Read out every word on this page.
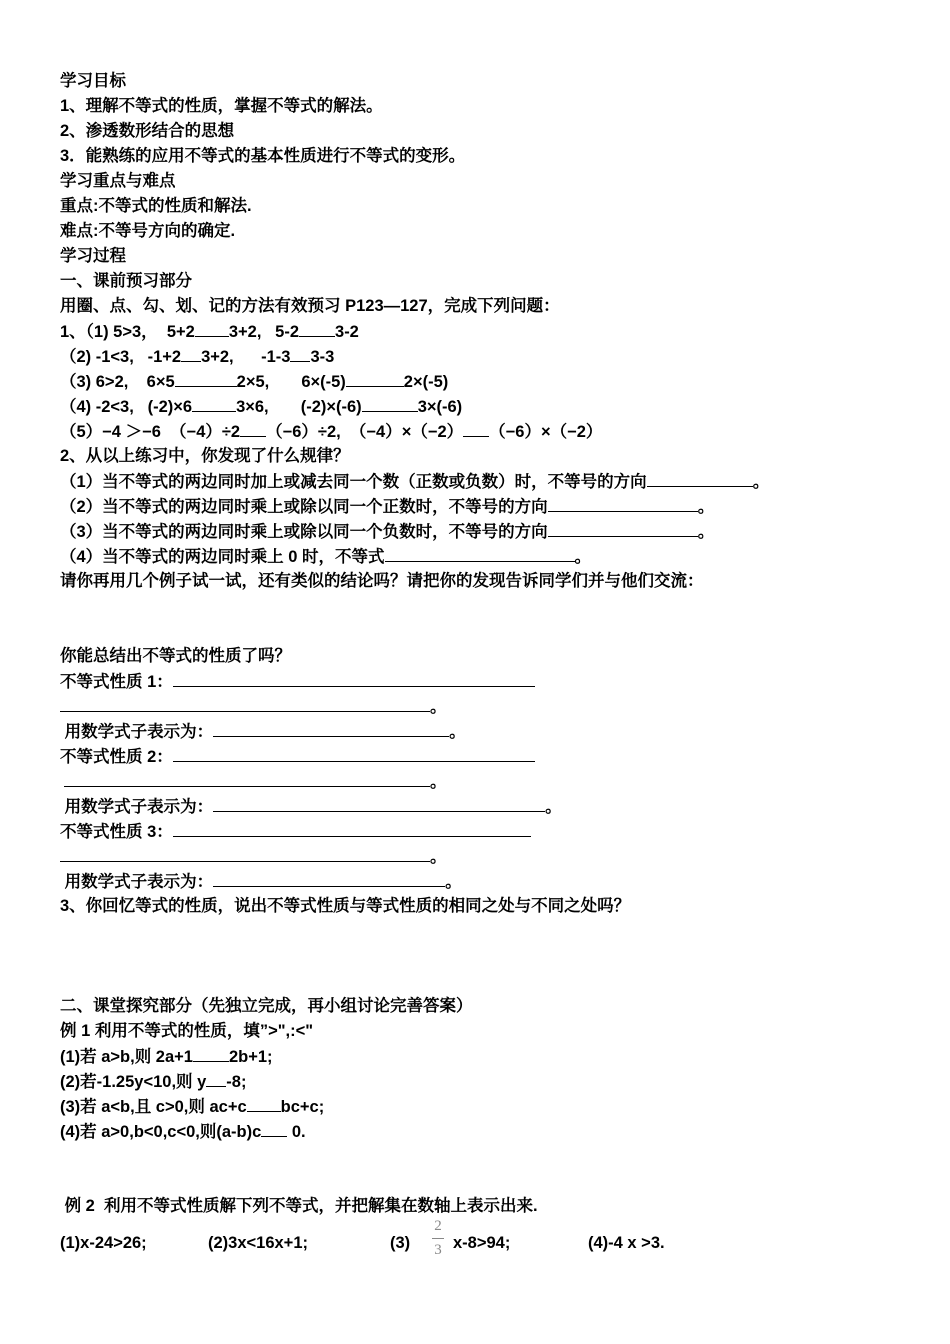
学习目标
1、理解不等式的性质，掌握不等式的解法。
2、渗透数形结合的思想
3．能熟练的应用不等式的基本性质进行不等式的变形。
学习重点与难点
重点:不等式的性质和解法.
难点:不等号方向的确定.
学习过程
一、课前预习部分
用圈、点、勾、划、记的方法有效预习 P123—127，完成下列问题：
1、（1) 5>3，  5+2 3+2,   5-2 3-2
（2) -1<3,   -1+2 3+2,      -1-3 3-3
（3) 6>2,    6×5	2×5,       6×(-5)	2×(-5)
（4) -2<3,   (-2)×6	3×6,       (-2)×(-6)	3×(-6)
（5）−4 ＞−6  （−4）÷2 （−6）÷2,  （−4）×（−2） （−6）×（−2）
2、从以上练习中，你发现了什么规律？
（1）当不等式的两边同时加上或减去同一个数（正数或负数）时，不等号的方向	。
（2）当不等式的两边同时乘上或除以同一个正数时，不等号的方向	。
（3）当不等式的两边同时乘上或除以同一个负数时，不等号的方向	。
（4）当不等式的两边同时乘上 0 时，不等式	。
请你再用几个例子试一试，还有类似的结论吗？请把你的发现告诉同学们并与他们交流：
你能总结出不等式的性质了吗？
不等式性质 1：
。
用数学式子表示为：	。
不等式性质 2：
。
用数学式子表示为：	。
不等式性质 3：
。
用数学式子表示为：	。
3、你回忆等式的性质，说出不等式性质与等式性质的相同之处与不同之处吗？
二、课堂探究部分（先独立完成，再小组讨论完善答案）
例 1 利用不等式的性质，填”>",:<"
(1)若 a>b,则 2a+1 2b+1;
(2)若-1.25y<10,则 y -8;
(3)若 a<b,且 c>0,则 ac+c bc+c;
(4)若 a>0,b<0,c<0,则(a-b)c 0.
例 2  利用不等式性质解下列不等式，并把解集在数轴上表示出来.
(1)x-24>26;	(2)3x<16x+1;	(3)
2
3 x-8>94;	(4)-4 x >3.
